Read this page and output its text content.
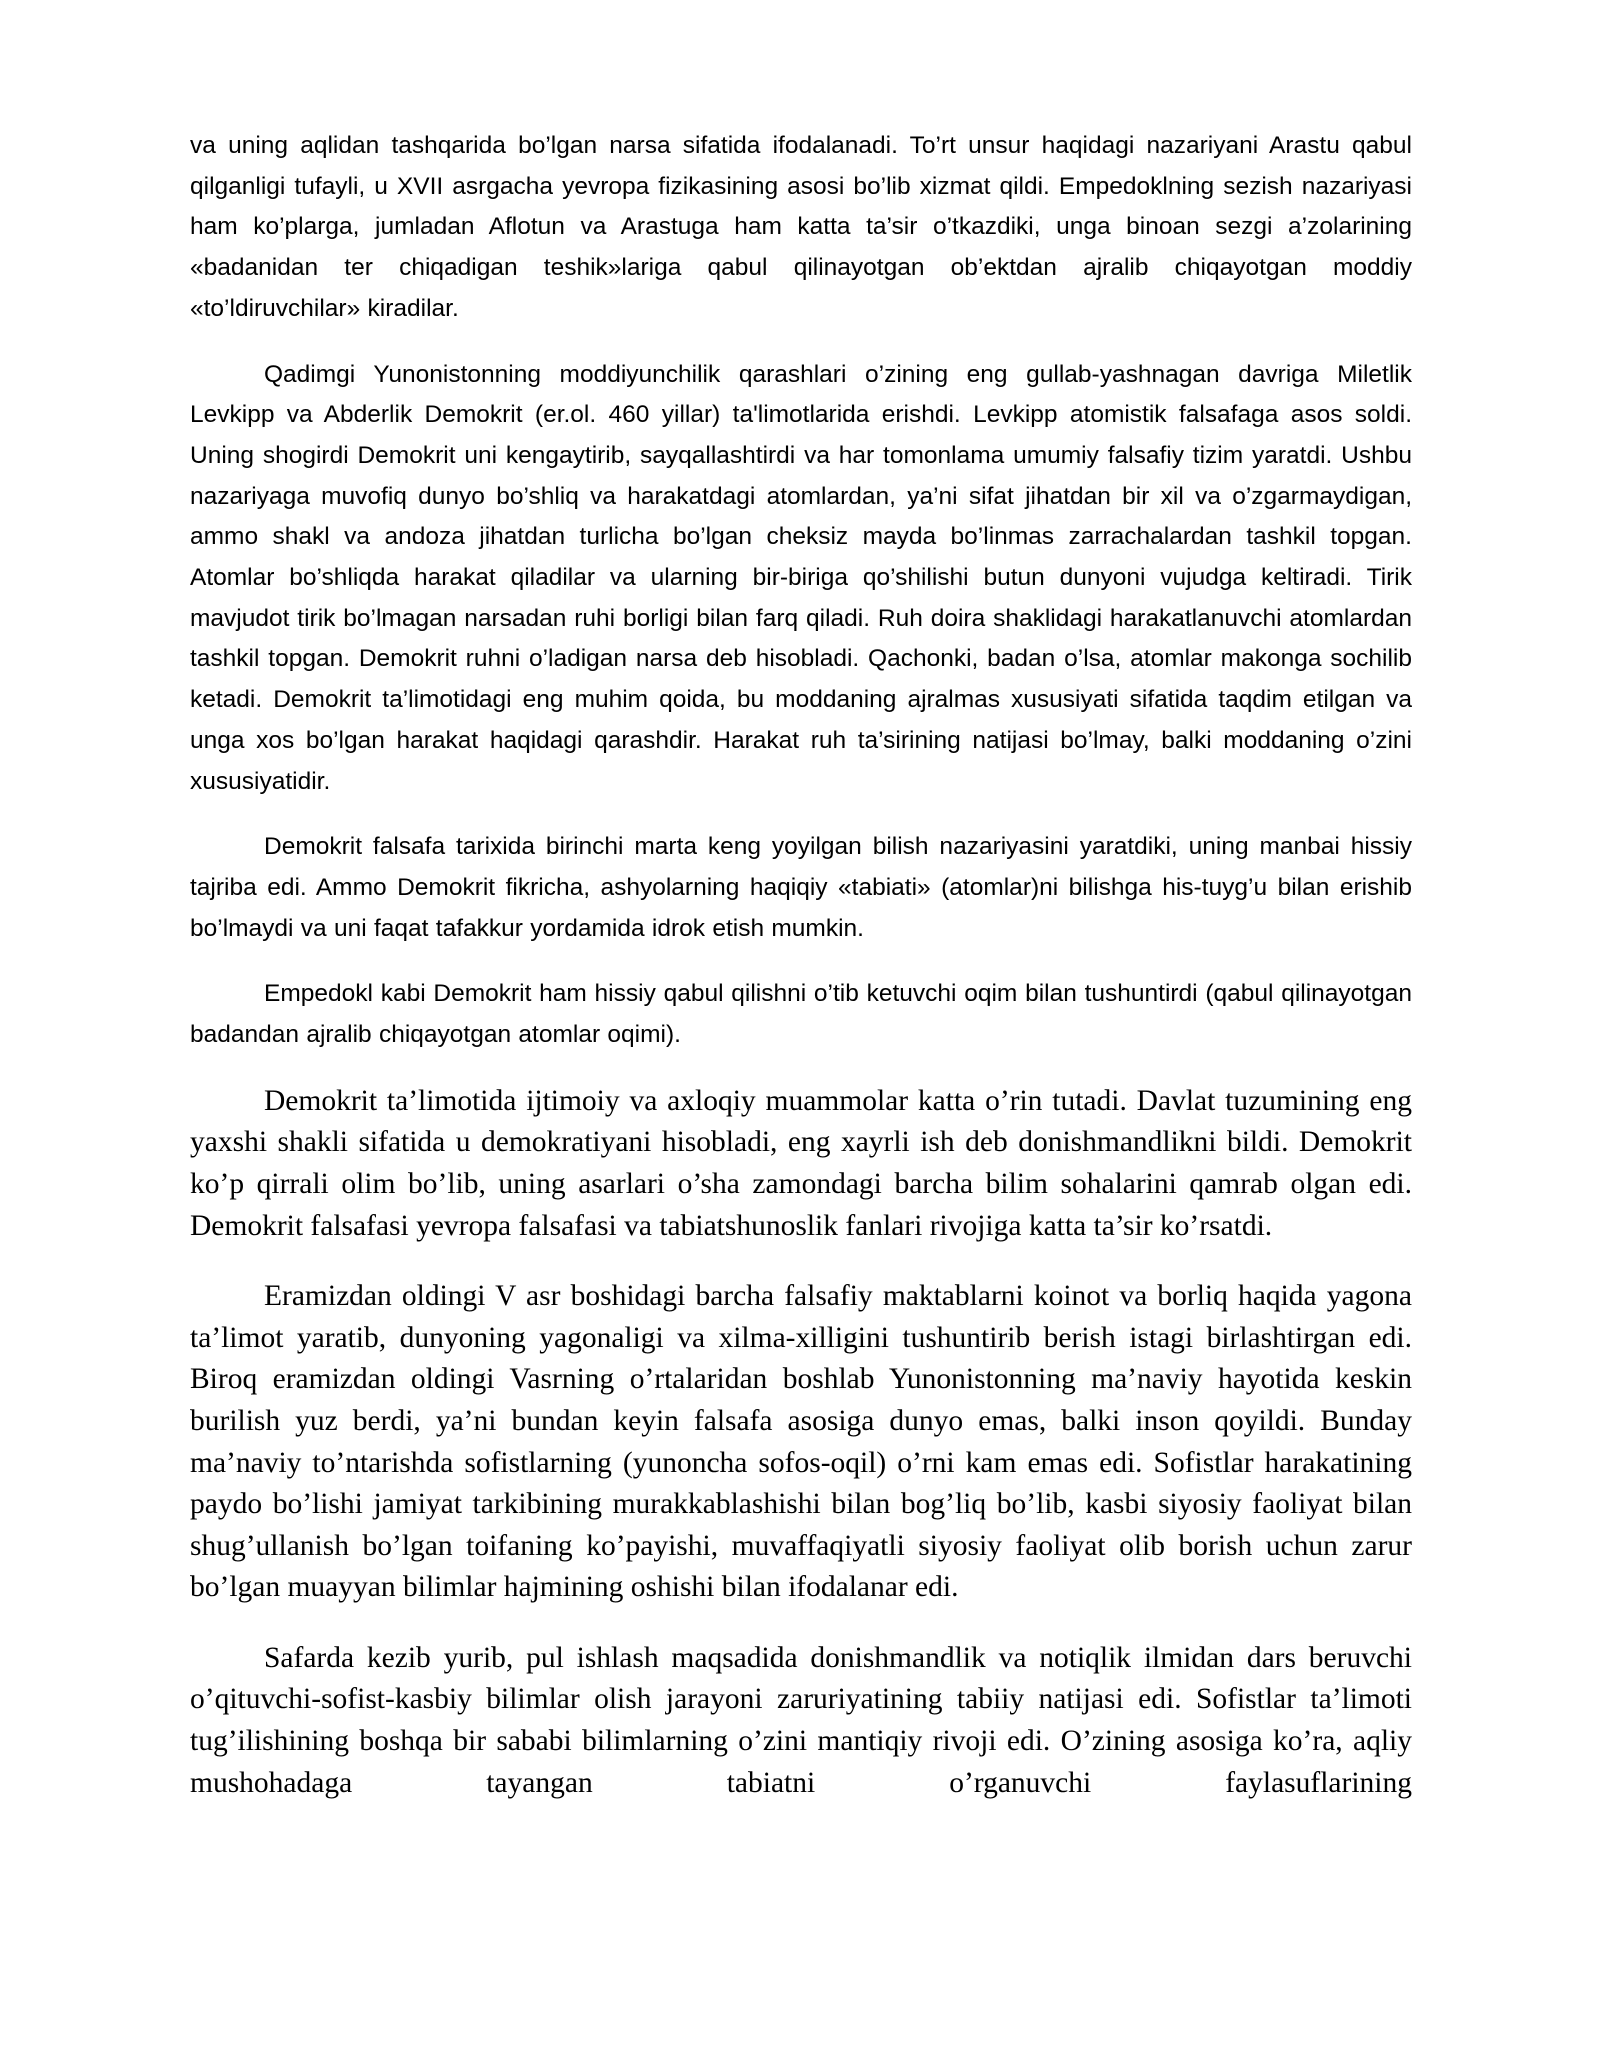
va uning aqlidan tashqarida bo’lgan narsa sifatida ifodalanadi. To’rt unsur haqidagi nazariyani Arastu qabul qilganligi tufayli, u XVII asrgacha yevropa fizikasining asosi bo’lib xizmat qildi. Empedoklning sezish nazariyasi ham ko’plarga, jumladan Aflotun va Arastuga ham katta ta’sir o’tkazdiki, unga binoan sezgi a’zolarining «badanidan ter chiqadigan teshik»lariga qabul qilinayotgan ob’ektdan ajralib chiqayotgan moddiy «to’ldiruvchilar» kiradilar.

Qadimgi Yunonistonning moddiyunchilik qarashlari o’zining eng gullab-yashnagan davriga Miletlik Levkipp va Abderlik Demokrit (er.ol. 460 yillar) ta'limotlarida erishdi. Levkipp atomistik falsafaga asos soldi. Uning shogirdi Demokrit uni kengaytirib, sayqallashtirdi va har tomonlama umumiy falsafiy tizim yaratdi. Ushbu nazariyaga muvofiq dunyo bo’shliq va harakatdagi atomlardan, ya’ni sifat jihatdan bir xil va o’zgarmaydigan, ammo shakl va andoza jihatdan turlicha bo’lgan cheksiz mayda bo’linmas zarrachalardan tashkil topgan. Atomlar bo’shliqda harakat qiladilar va ularning bir-biriga qo’shilishi butun dunyoni vujudga keltiradi. Tirik mavjudot tirik bo’lmagan narsadan ruhi borligi bilan farq qiladi. Ruh doira shaklidagi harakatlanuvchi atomlardan tashkil topgan. Demokrit ruhni o’ladigan narsa deb hisobladi. Qachonki, badan o’lsa, atomlar makonga sochilib ketadi. Demokrit ta’limotidagi eng muhim qoida, bu moddaning ajralmas xususiyati sifatida taqdim etilgan va unga xos bo’lgan harakat haqidagi qarashdir. Harakat ruh ta’sirining natijasi bo’lmay, balki moddaning o’zini xususiyatidir.

Demokrit falsafa tarixida birinchi marta keng yoyilgan bilish nazariyasini yaratdiki, uning manbai hissiy tajriba edi. Ammo Demokrit fikricha, ashyolarning haqiqiy «tabiati» (atomlar)ni bilishga his-tuyg’u bilan erishib bo’lmaydi va uni faqat tafakkur yordamida idrok etish mumkin.

Empedokl kabi Demokrit ham hissiy qabul qilishni o’tib ketuvchi oqim bilan tushuntirdi (qabul qilinayotgan badandan ajralib chiqayotgan atomlar oqimi).

Demokrit ta’limotida ijtimoiy va axloqiy muammolar katta o’rin tutadi. Davlat tuzumining eng yaxshi shakli sifatida u demokratiyani hisobladi, eng xayrli ish deb donishmandlikni bildi. Demokrit ko’p qirrali olim bo’lib, uning asarlari o’sha zamondagi barcha bilim sohalarini qamrab olgan edi. Demokrit falsafasi yevropa falsafasi va tabiatshunoslik fanlari rivojiga katta ta’sir ko’rsatdi.

Eramizdan oldingi V asr boshidagi barcha falsafiy maktablarni koinot va borliq haqida yagona ta’limot yaratib, dunyoning yagonaligi va xilma-xilligini tushuntirib berish istagi birlashtirgan edi. Biroq eramizdan oldingi Vasrning o’rtalaridan boshlab Yunonistonning ma’naviy hayotida keskin burilish yuz berdi, ya’ni bundan keyin falsafa asosiga dunyo emas, balki inson qoyildi. Bunday ma’naviy to’ntarishda sofistlarning (yunoncha sofos-oqil) o’rni kam emas edi. Sofistlar harakatining paydo bo’lishi jamiyat tarkibining murakkablashishi bilan bog’liq bo’lib, kasbi siyosiy faoliyat bilan shug’ullanish bo’lgan toifaning ko’payishi, muvaffaqiyatli siyosiy faoliyat olib borish uchun zarur bo’lgan muayyan bilimlar hajmining oshishi bilan ifodalanar edi.

Safarda kezib yurib, pul ishlash maqsadida donishmandlik va notiqlik ilmidan dars beruvchi o’qituvchi-sofist-kasbiy bilimlar olish jarayoni zaruriyatining tabiiy natijasi edi. Sofistlar ta’limoti tug’ilishining boshqa bir sababi bilimlarning o’zini mantiqiy rivoji edi. O’zining asosiga ko’ra, aqliy mushohadaga tayangan tabiatni o’rganuvchi faylasuflarining
